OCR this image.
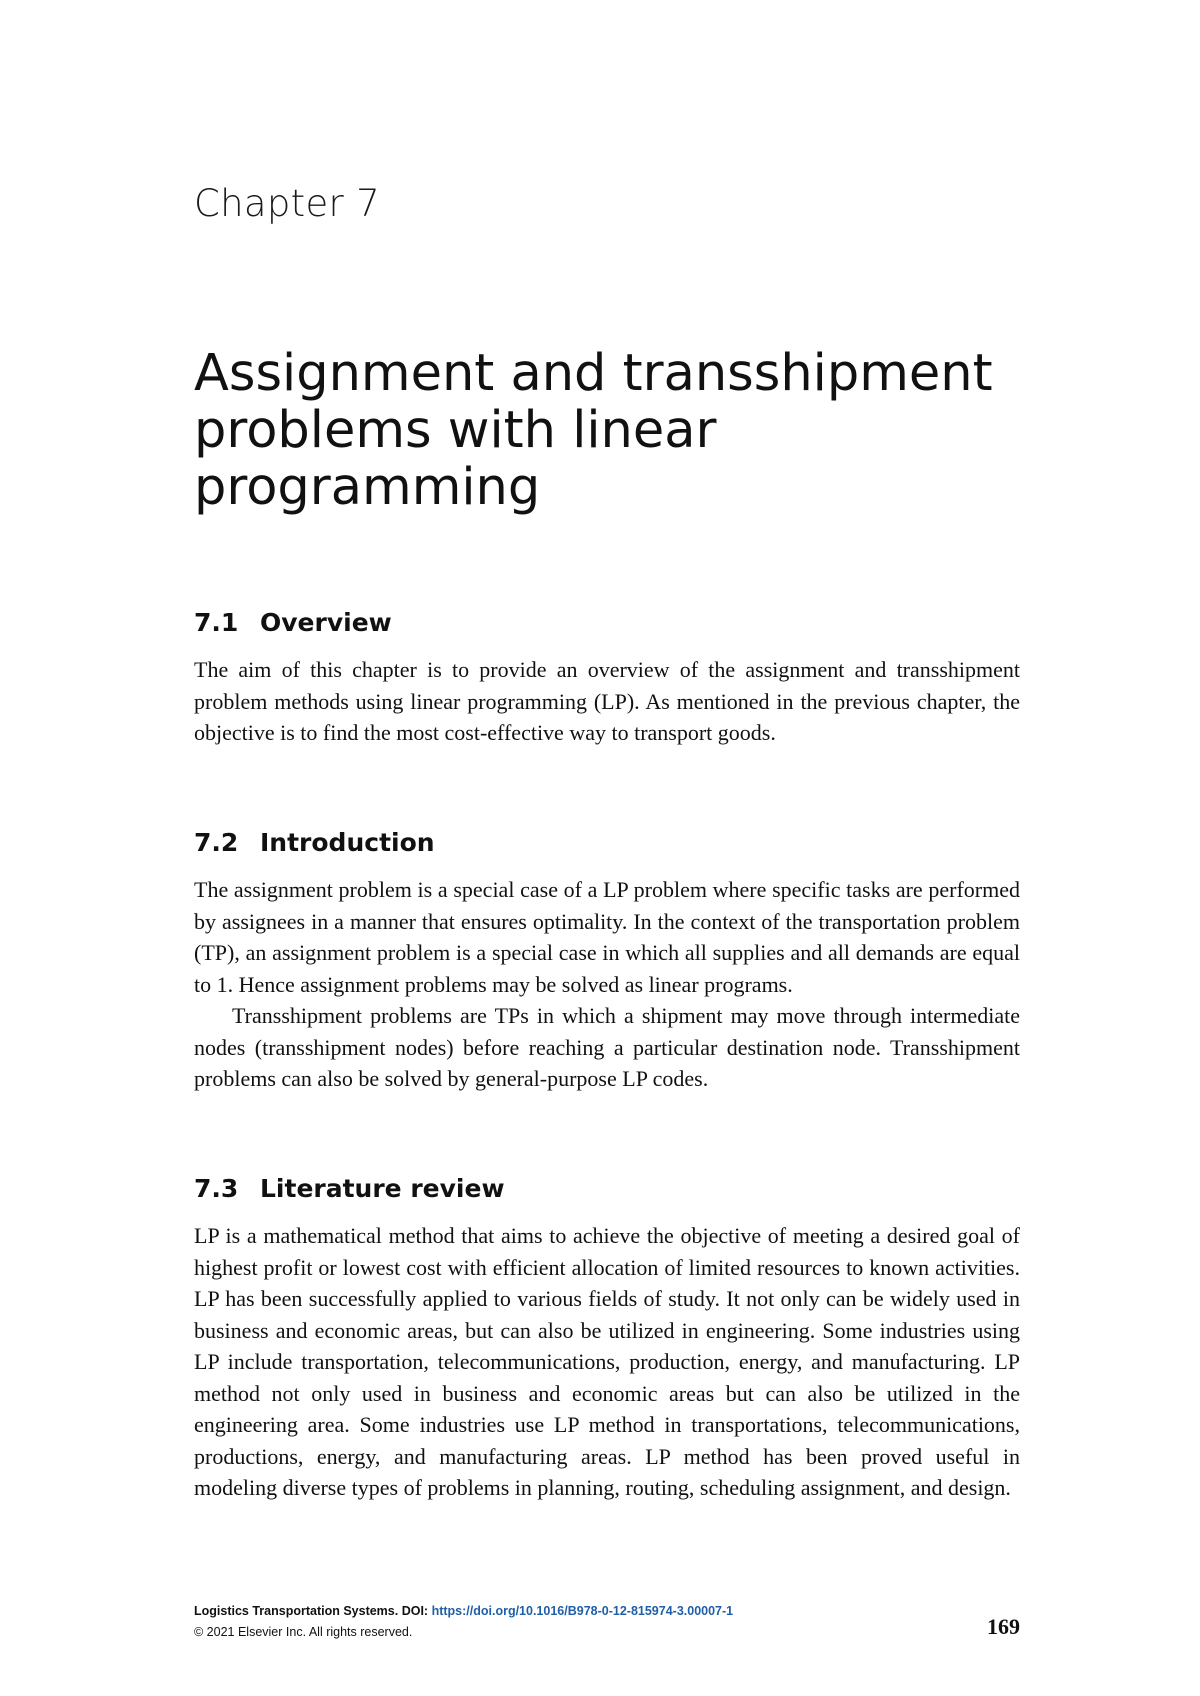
Chapter 7
Assignment and transshipment
problems with linear
programming
7.1 Overview

The aim of this chapter is to provide an overview of the assignment and transshipment problem methods using linear programming (LP). As mentioned in the previous chapter, the objective is to find the most cost-effective way to transport goods.

7.2 Introduction

The assignment problem is a special case of a LP problem where specific tasks are performed by assignees in a manner that ensures optimality. In the context of the transportation problem (TP), an assignment problem is a special case in which all supplies and all demands are equal to 1. Hence assignment problems may be solved as linear programs.

Transshipment problems are TPs in which a shipment may move through intermediate nodes (transshipment nodes) before reaching a particular destination node. Transshipment problems can also be solved by general-purpose LP codes.

7.3 Literature review

LP is a mathematical method that aims to achieve the objective of meeting a desired goal of highest profit or lowest cost with efficient allocation of limited resources to known activities. LP has been successfully applied to various fields of study. It not only can be widely used in business and economic areas, but can also be utilized in engineering. Some industries using LP include transportation, telecommunications, production, energy, and manufacturing. LP method not only used in business and economic areas but can also be utilized in the engineering area. Some industries use LP method in transportations, telecommunications, productions, energy, and manufacturing areas. LP method has been proved useful in modeling diverse types of problems in planning, routing, scheduling assignment, and design.

Logistics Transportation Systems. DOI: https://doi.org/10.1016/B978-0-12-815974-3.00007-1
© 2021 Elsevier Inc. All rights reserved.	169
